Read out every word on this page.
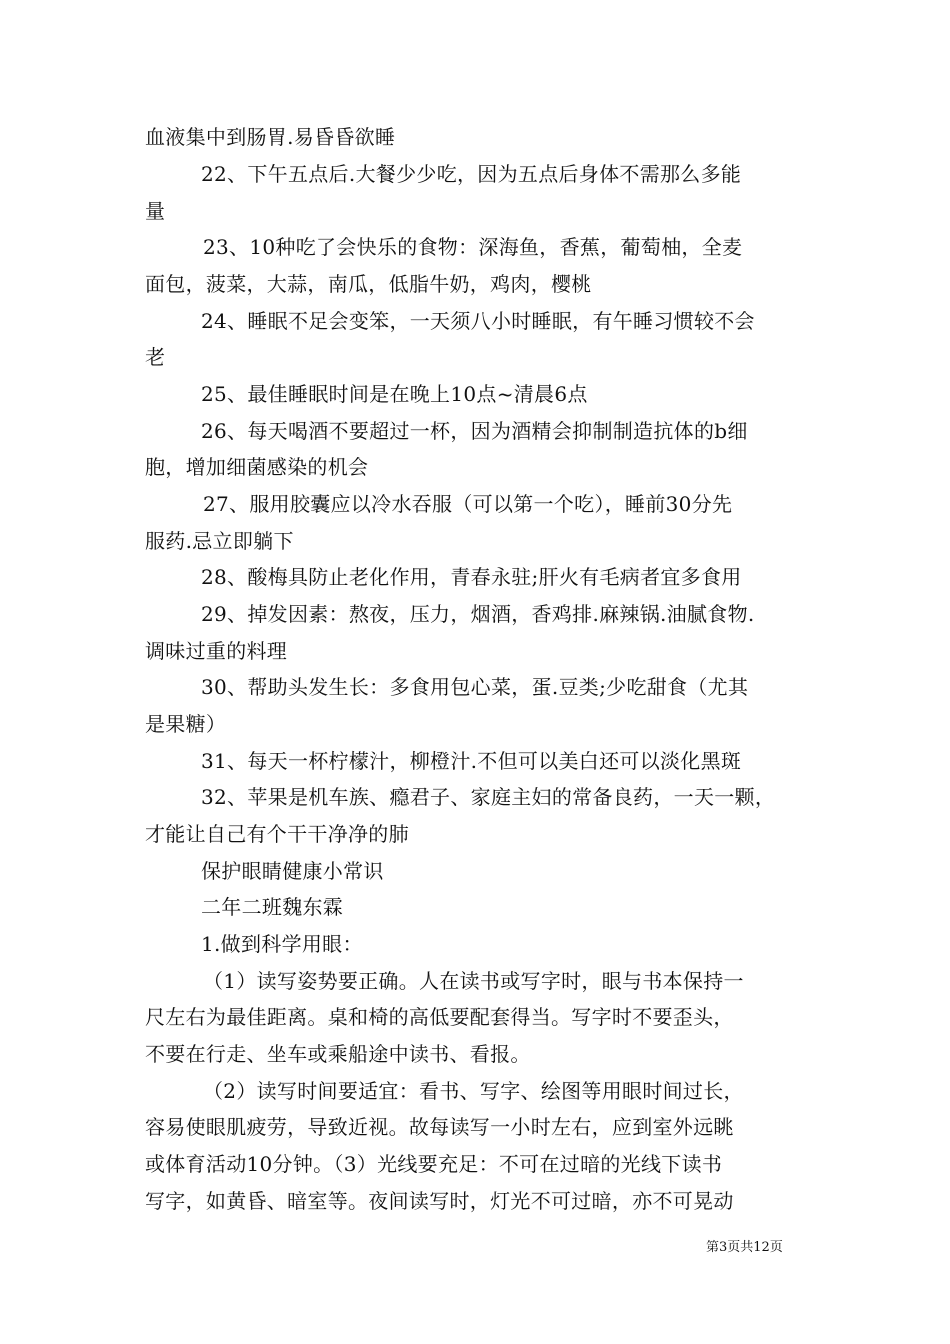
血液集中到肠胃.易昏昏欲睡
22、下午五点后.大餐少少吃，因为五点后身体不需那么多能
量
23、10种吃了会快乐的食物：深海鱼，香蕉，葡萄柚，全麦
面包，菠菜，大蒜，南瓜，低脂牛奶，鸡肉，樱桃
24、睡眠不足会变笨，一天须八小时睡眠，有午睡习惯较不会
老
25、最佳睡眠时间是在晚上10点~清晨6点
26、每天喝酒不要超过一杯，因为酒精会抑制制造抗体的b细
胞，增加细菌感染的机会
27、服用胶囊应以冷水吞服（可以第一个吃），睡前30分先
服药.忌立即躺下
28、酸梅具防止老化作用，青春永驻;肝火有毛病者宜多食用
29、掉发因素：熬夜，压力，烟酒，香鸡排.麻辣锅.油腻食物.
调味过重的料理
30、帮助头发生长：多食用包心菜，蛋.豆类;少吃甜食（尤其
是果糖）
31、每天一杯柠檬汁，柳橙汁.不但可以美白还可以淡化黑斑
32、苹果是机车族、瘾君子、家庭主妇的常备良药，一天一颗，
才能让自己有个干干净净的肺
保护眼睛健康小常识
二年二班魏东霖
1.做到科学用眼：
（1）读写姿势要正确。人在读书或写字时，眼与书本保持一
尺左右为最佳距离。桌和椅的高低要配套得当。写字时不要歪头，
不要在行走、坐车或乘船途中读书、看报。
（2）读写时间要适宜：看书、写字、绘图等用眼时间过长，
容易使眼肌疲劳，导致近视。故每读写一小时左右，应到室外远眺
或体育活动10分钟。（3）光线要充足：不可在过暗的光线下读书
写字，如黄昏、暗室等。夜间读写时，灯光不可过暗，亦不可晃动
第3页共12页
